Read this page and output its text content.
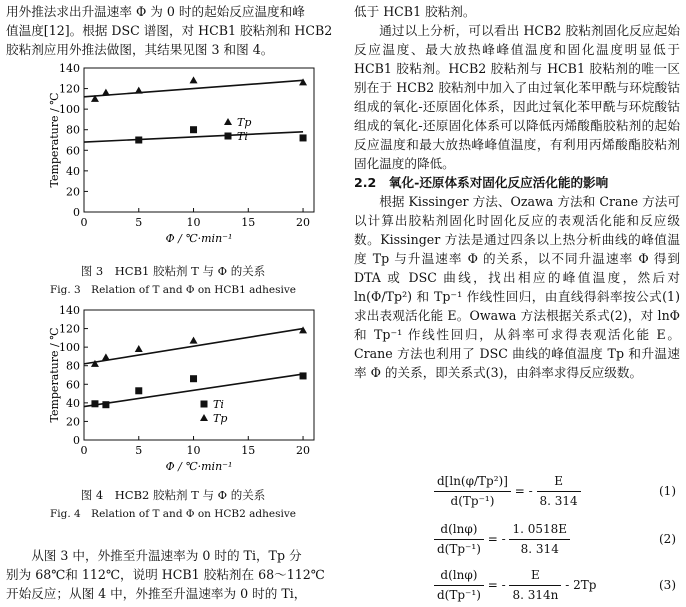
用外推法求出升温速率 Φ 为 0 时的起始反应温度和峰

值温度[12]。根据 DSC 谱图，对 HCB1 胶粘剂和 HCB2

胶粘剂应用外推法做图，其结果见图 3 和图 4。

0
20
40
60
80
100
120
140
0	5	10	15	20
Φ / ℃·min⁻¹
Temperature / ℃	Tp
Ti

图 3　HCB1 胶粘剂 T 与 Φ 的关系

Fig. 3　Relation of T and Φ on HCB1 adhesive

0
20
40
60
80
100
120
140
0	5	10	15	20
Φ / ℃·min⁻¹
Temperature / ℃	Ti
Tp

图 4　HCB2 胶粘剂 T 与 Φ 的关系

Fig. 4　Relation of T and Φ on HCB2 adhesive

从图 3 中，外推至升温速率为 0 时的 Ti，Tp 分

别为 68℃和 112℃，说明 HCB1 胶粘剂在 68～112℃

开始反应；从图 4 中，外推至升温速率为 0 时的 Ti，

低于 HCB1 胶粘剂。

通过以上分析，可以看出 HCB2 胶粘剂固化反应起始反应温度、最大放热峰峰值温度和固化温度明显低于 HCB1 胶粘剂。HCB2 胶粘剂与 HCB1 胶粘剂的唯一区别在于 HCB2 胶粘剂中加入了由过氧化苯甲酰与环烷酸钴组成的氧化-还原固化体系，因此过氧化苯甲酰与环烷酸钴组成的氧化-还原固化体系可以降低丙烯酸酯胶粘剂的起始反应温度和最大放热峰峰值温度，有利用丙烯酸酯胶粘剂固化温度的降低。

2.2　氧化-还原体系对固化反应活化能的影响

根据 Kissinger 方法、Ozawa 方法和 Crane 方法可以计算出胶粘剂固化时固化反应的表观活化能和反应级数。Kissinger 方法是通过四条以上热分析曲线的峰值温度 Tp 与升温速率 Φ 的关系，以不同升温速率 Φ 得到 DTA 或 DSC 曲线，找出相应的峰值温度，然后对 ln(Φ/Tp²) 和 Tp⁻¹ 作线性回归，由直线得斜率按公式(1)求出表观活化能 E。Owawa 方法根据关系式(2)，对 lnΦ 和 Tp⁻¹ 作线性回归，从斜率可求得表观活化能 E。Crane 方法也利用了 DSC 曲线的峰值温度 Tp 和升温速率 Φ 的关系，即关系式(3)，由斜率求得反应级数。

$\frac{\text{d[ln(φ/Tp²)]}}{\text{d(Tp⁻¹)}}$ = - $\frac{E}{8. 314}$	(1)
$\frac{d(\ln\varphi)}{\text{d(Tp⁻¹)}}$ = - $\frac{1. 0518E}{8. 314}$	(2)
$\frac{d(\ln\varphi)}{\text{d(Tp⁻¹)}}$ = - $\frac{E}{8. 314n} - 2Tp$	(3)
